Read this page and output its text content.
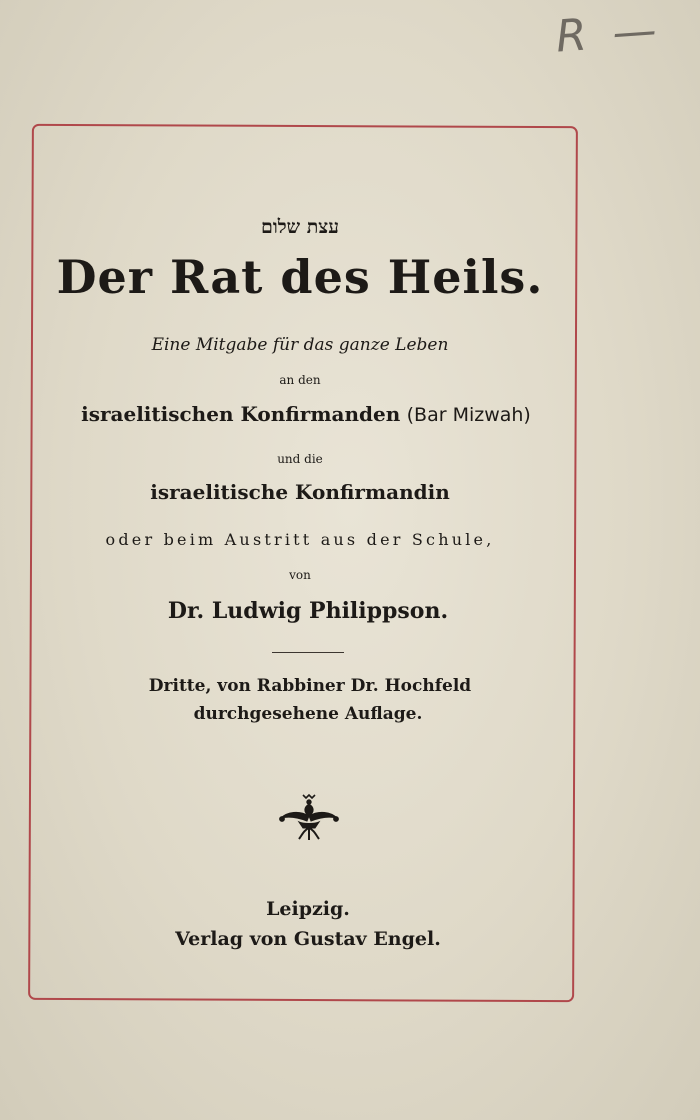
R —
עצת שלום
Der Rat des Heils.
Eine Mitgabe für das ganze Leben
an den
israelitischen Konfirmanden (Bar Mizwah)
und die
israelitische Konfirmandin
oder beim Austritt aus der Schule,
von
Dr. Ludwig Philippson.
Dritte, von Rabbiner Dr. Hochfeld
durchgesehene Auflage.
Leipzig.
Verlag von Gustav Engel.
